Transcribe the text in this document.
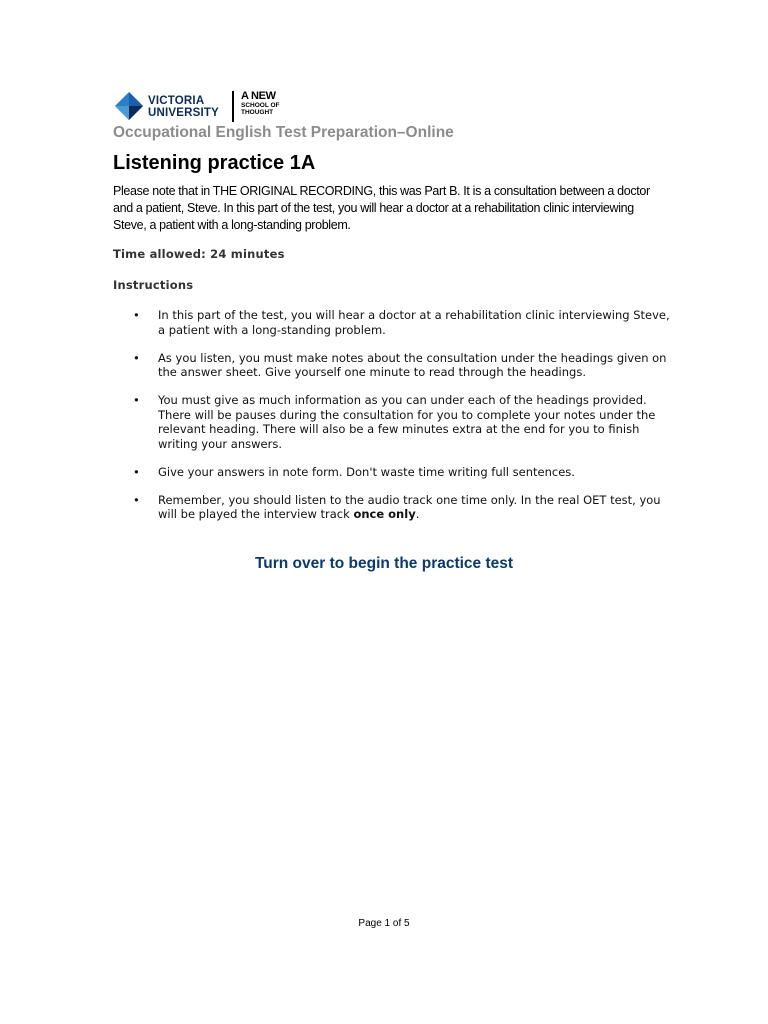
VICTORIA
UNIVERSITY
A NEW
SCHOOL OF
THOUGHT

Occupational English Test Preparation–Online

Listening practice 1A

Please note that in THE ORIGINAL RECORDING, this was Part B. It is a consultation between a doctor and a patient, Steve. In this part of the test, you will hear a doctor at a rehabilitation clinic interviewing Steve, a patient with a long-standing problem.

Time allowed: 24 minutes

Instructions

• In this part of the test, you will hear a doctor at a rehabilitation clinic interviewing Steve, a patient with a long-standing problem.
• As you listen, you must make notes about the consultation under the headings given on the answer sheet. Give yourself one minute to read through the headings.
• You must give as much information as you can under each of the headings provided. There will be pauses during the consultation for you to complete your notes under the relevant heading. There will also be a few minutes extra at the end for you to finish writing your answers.
• Give your answers in note form. Don't waste time writing full sentences.
• Remember, you should listen to the audio track one time only. In the real OET test, you will be played the interview track once only.

Turn over to begin the practice test

Page 1 of 5
